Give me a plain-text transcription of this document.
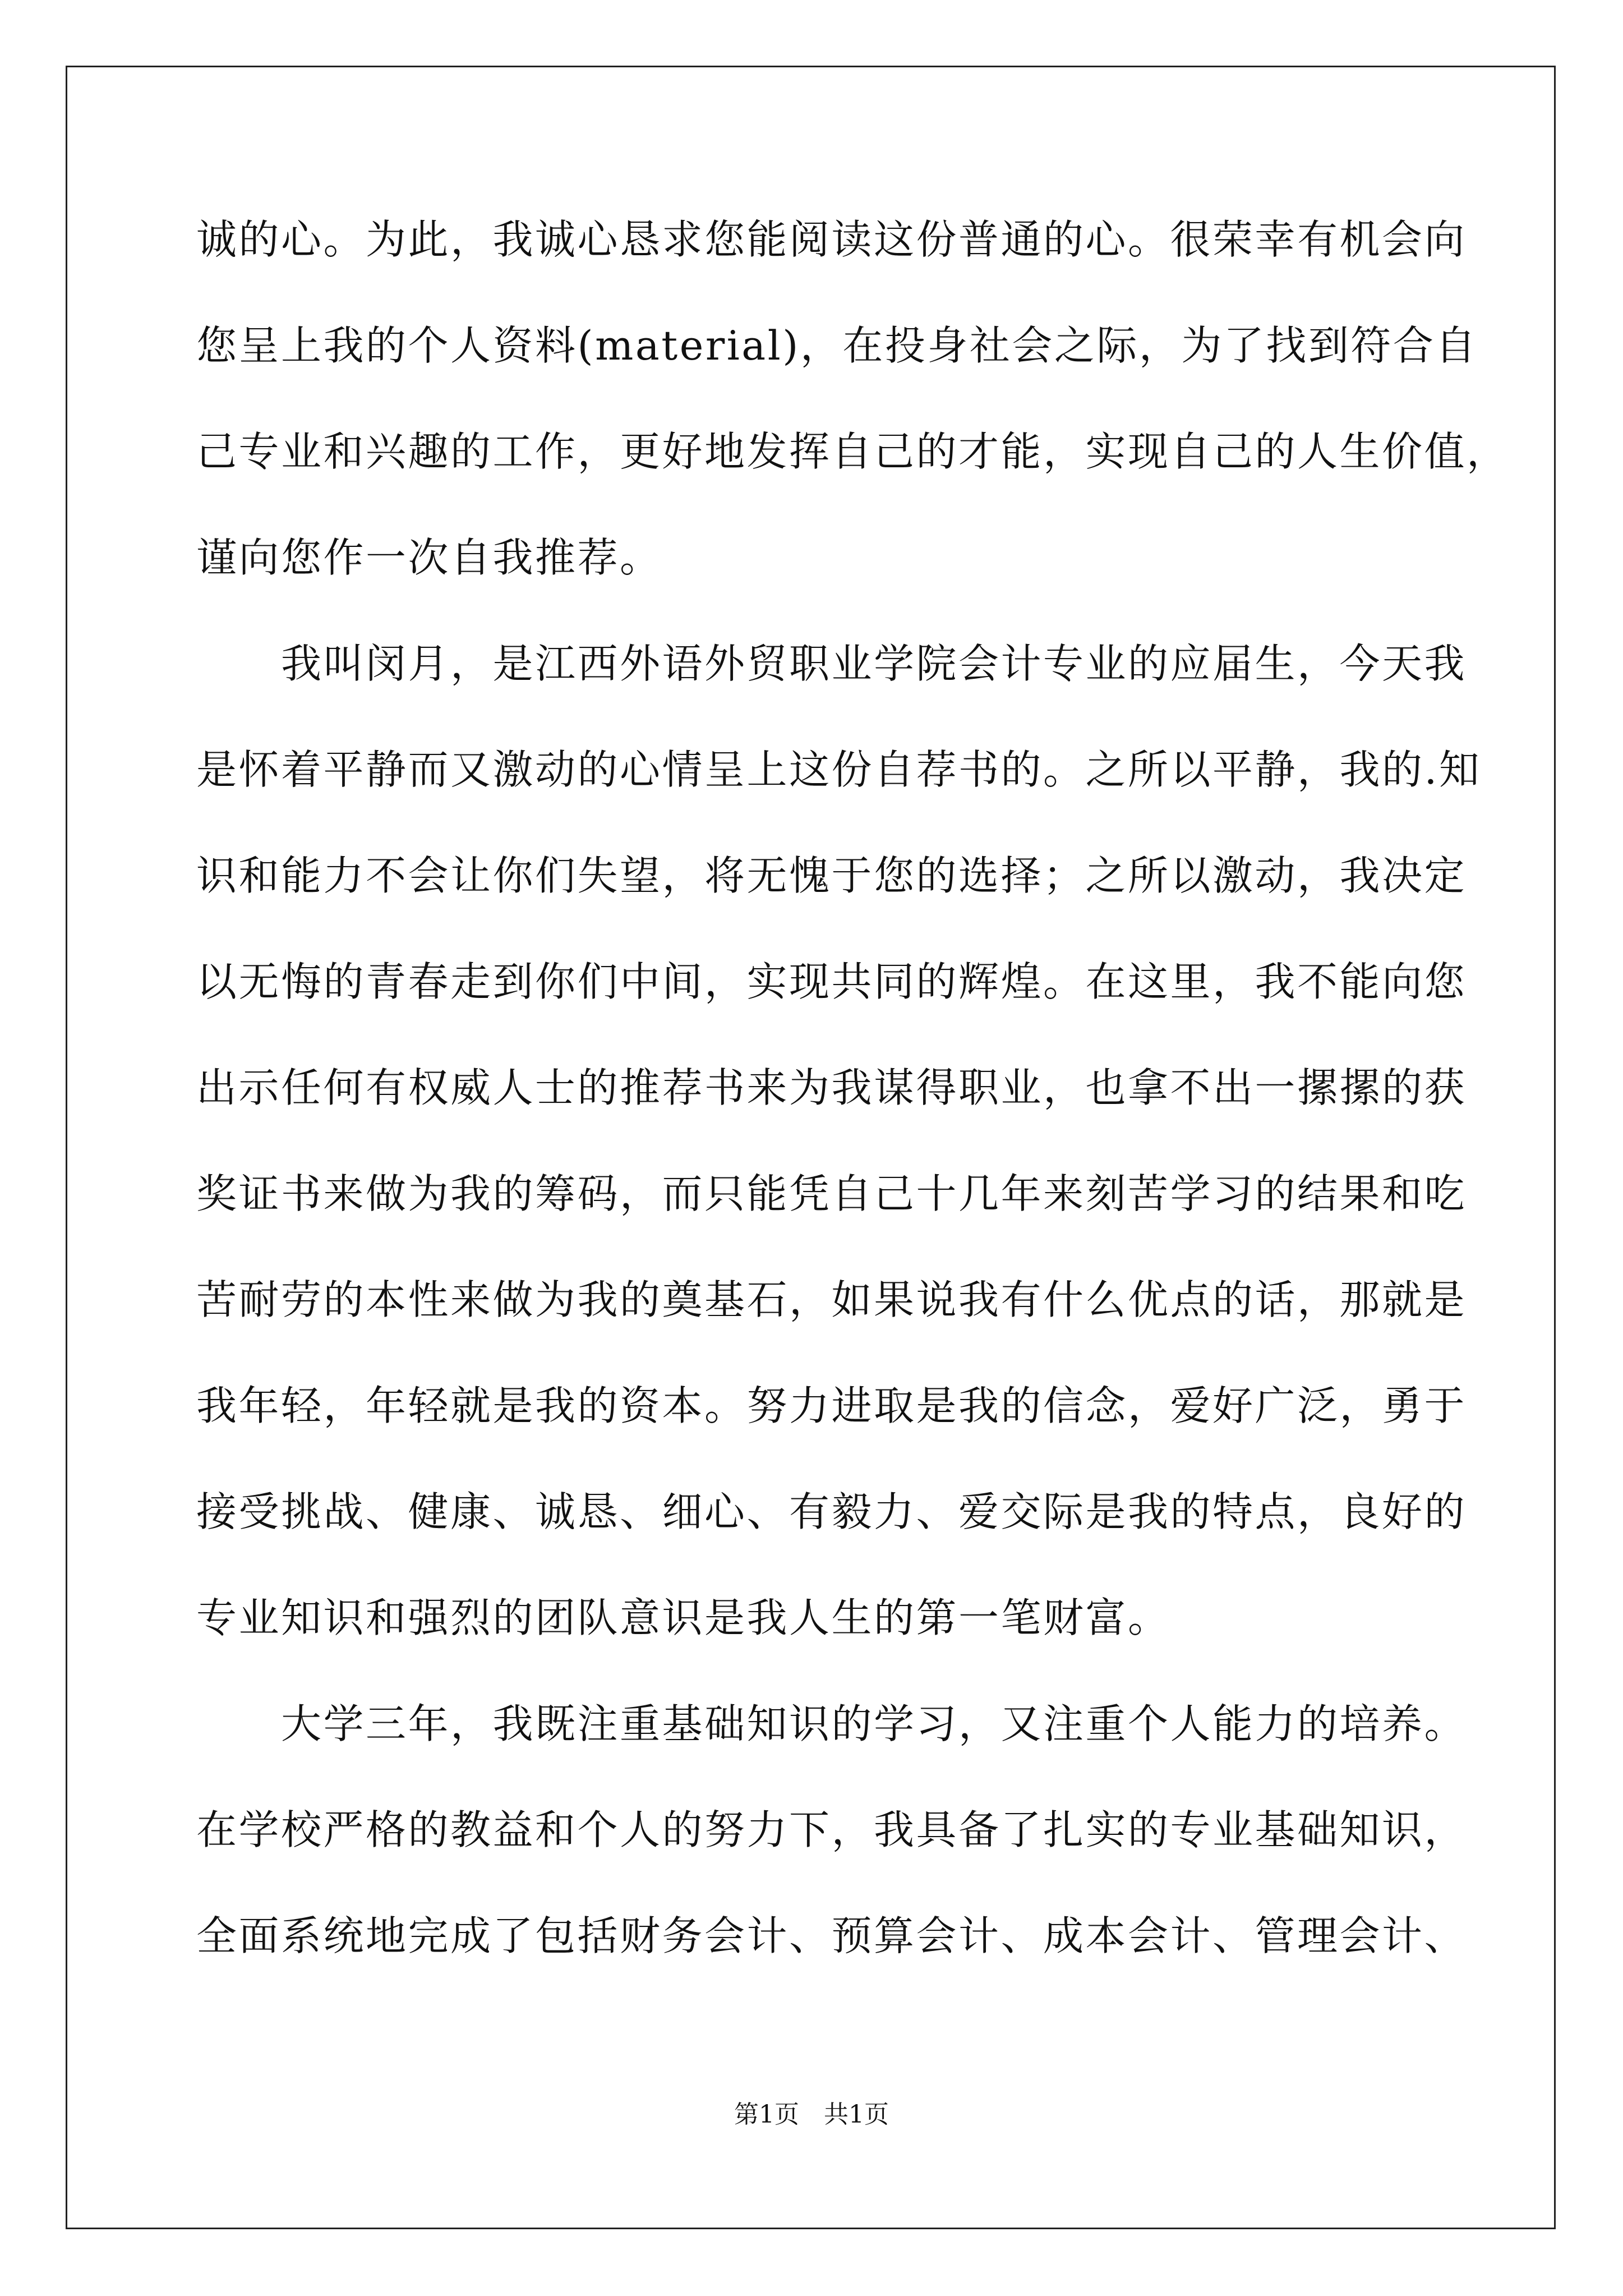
诚的心。为此，我诚心恳求您能阅读这份普通的心。很荣幸有机会向
您呈上我的个人资料(material)，在投身社会之际，为了找到符合自
己专业和兴趣的工作，更好地发挥自己的才能，实现自己的人生价值，
谨向您作一次自我推荐。
　　我叫闵月，是江西外语外贸职业学院会计专业的应届生，今天我
是怀着平静而又激动的心情呈上这份自荐书的。之所以平静，我的.知
识和能力不会让你们失望，将无愧于您的选择；之所以激动，我决定
以无悔的青春走到你们中间，实现共同的辉煌。在这里，我不能向您
出示任何有权威人士的推荐书来为我谋得职业，也拿不出一摞摞的获
奖证书来做为我的筹码，而只能凭自己十几年来刻苦学习的结果和吃
苦耐劳的本性来做为我的奠基石，如果说我有什么优点的话，那就是
我年轻，年轻就是我的资本。努力进取是我的信念，爱好广泛，勇于
接受挑战、健康、诚恳、细心、有毅力、爱交际是我的特点，良好的
专业知识和强烈的团队意识是我人生的第一笔财富。
　　大学三年，我既注重基础知识的学习，又注重个人能力的培养。
在学校严格的教益和个人的努力下，我具备了扎实的专业基础知识，
全面系统地完成了包括财务会计、预算会计、成本会计、管理会计、
第1页　共1页
